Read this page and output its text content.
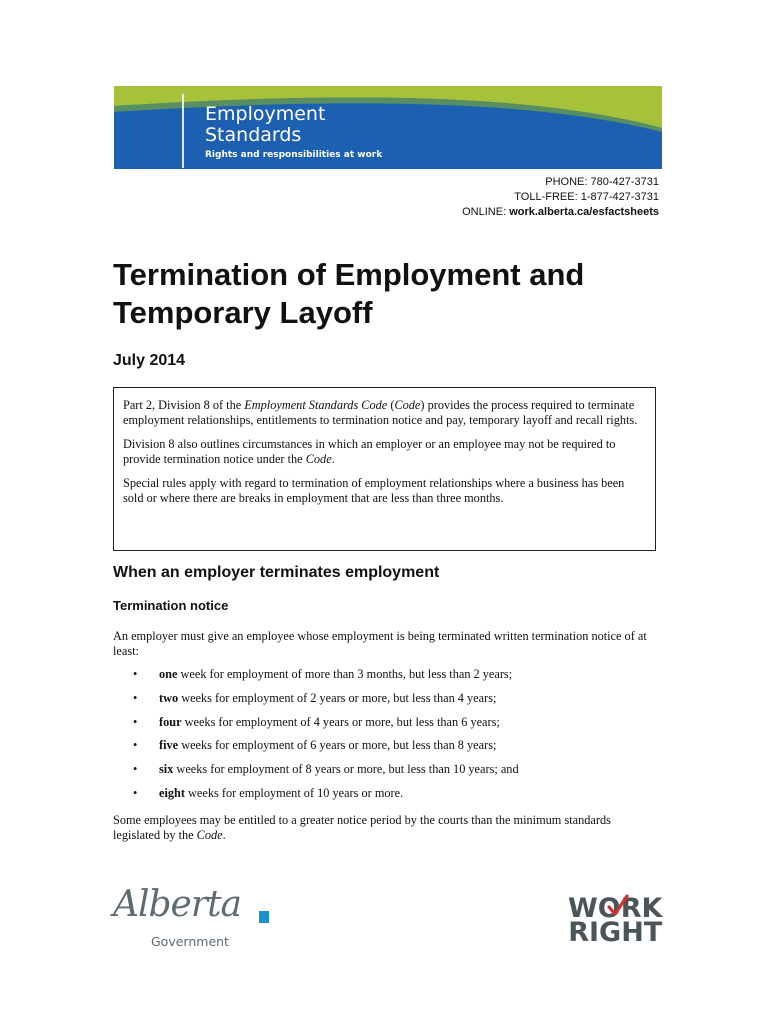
Employment
Standards
Rights and responsibilities at work
PHONE: 780-427-3731
TOLL-FREE: 1-877-427-3731
ONLINE: work.alberta.ca/esfactsheets
Termination of Employment and Temporary Layoff
July 2014

Part 2, Division 8 of the Employment Standards Code (Code) provides the process required to terminate employment relationships, entitlements to termination notice and pay, temporary layoff and recall rights.

Division 8 also outlines circumstances in which an employer or an employee may not be required to provide termination notice under the Code.

Special rules apply with regard to termination of employment relationships where a business has been sold or where there are breaks in employment that are less than three months.

When an employer terminates employment
Termination notice

An employer must give an employee whose employment is being terminated written termination notice of at least:

• one week for employment of more than 3 months, but less than 2 years;
• two weeks for employment of 2 years or more, but less than 4 years;
• four weeks for employment of 4 years or more, but less than 6 years;
• five weeks for employment of 6 years or more, but less than 8 years;
• six weeks for employment of 8 years or more, but less than 10 years; and
• eight weeks for employment of 10 years or more.

Some employees may be entitled to a greater notice period by the courts than the minimum standards legislated by the Code.

Alberta
Government
WORK
RIGHT
